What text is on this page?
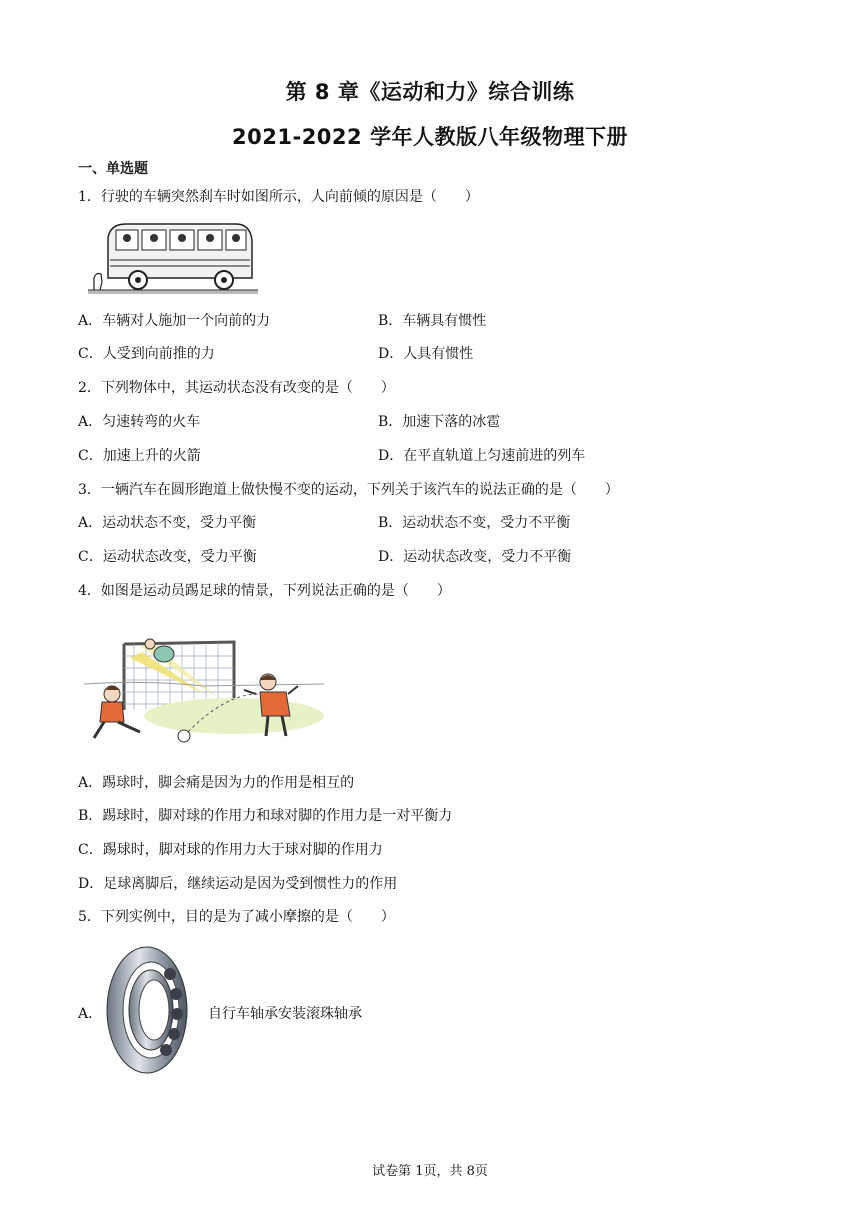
第 8 章《运动和力》综合训练
2021-2022 学年人教版八年级物理下册
一、单选题
1．行驶的车辆突然刹车时如图所示，人向前倾的原因是（　　）
A．车辆对人施加一个向前的力	B．车辆具有惯性
C．人受到向前推的力	D．人具有惯性
2．下列物体中，其运动状态没有改变的是（　　）
A．匀速转弯的火车	B．加速下落的冰雹
C．加速上升的火箭	D．在平直轨道上匀速前进的列车
3．一辆汽车在圆形跑道上做快慢不变的运动，下列关于该汽车的说法正确的是（　　）
A．运动状态不变，受力平衡	B．运动状态不变，受力不平衡
C．运动状态改变，受力平衡	D．运动状态改变，受力不平衡
4．如图是运动员踢足球的情景，下列说法正确的是（　　）
A．踢球时，脚会痛是因为力的作用是相互的
B．踢球时，脚对球的作用力和球对脚的作用力是一对平衡力
C．踢球时，脚对球的作用力大于球对脚的作用力
D．足球离脚后，继续运动是因为受到惯性力的作用
5．下列实例中，目的是为了减小摩擦的是（　　）
A．	自行车轴承安装滚珠轴承
试卷第 1页，共 8页
